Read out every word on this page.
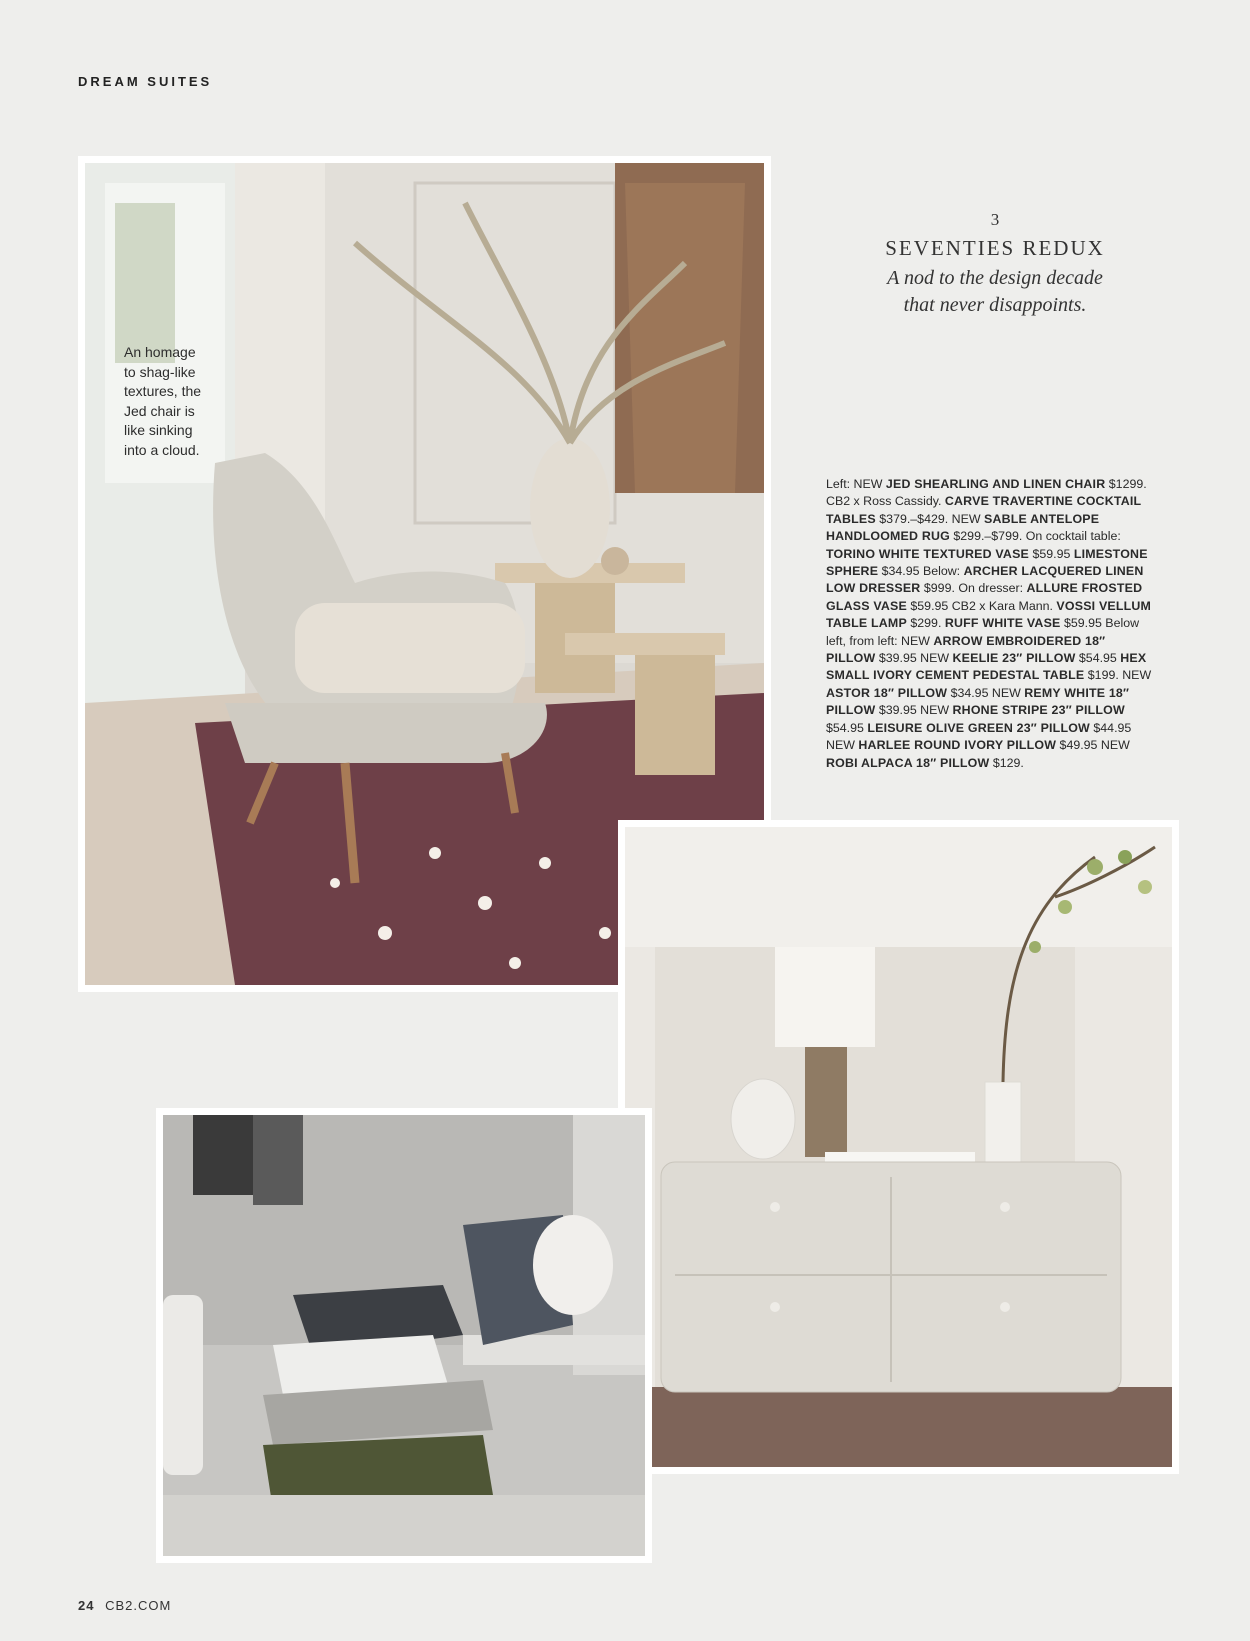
DREAM SUITES
An homage
to shag-like
textures, the
Jed chair is
like sinking
into a cloud.
3
SEVENTIES REDUX
A nod to the design decade
that never disappoints.
Left: NEW JED SHEARLING AND LINEN CHAIR $1299. CB2 x Ross Cassidy. CARVE TRAVERTINE COCKTAIL TABLES $379.–$429. NEW SABLE ANTELOPE HANDLOOMED RUG $299.–$799. On cocktail table: TORINO WHITE TEXTURED VASE $59.95 LIMESTONE SPHERE $34.95 Below: ARCHER LACQUERED LINEN LOW DRESSER $999. On dresser: ALLURE FROSTED GLASS VASE $59.95 CB2 x Kara Mann. VOSSI VELLUM TABLE LAMP $299. RUFF WHITE VASE $59.95 Below left, from left: NEW ARROW EMBROIDERED 18″ PILLOW $39.95 NEW KEELIE 23″ PILLOW $54.95 HEX SMALL IVORY CEMENT PEDESTAL TABLE $199. NEW ASTOR 18″ PILLOW $34.95 NEW REMY WHITE 18″ PILLOW $39.95 NEW RHONE STRIPE 23″ PILLOW $54.95 LEISURE OLIVE GREEN 23″ PILLOW $44.95 NEW HARLEE ROUND IVORY PILLOW $49.95 NEW ROBI ALPACA 18″ PILLOW $129.
24 CB2.COM
